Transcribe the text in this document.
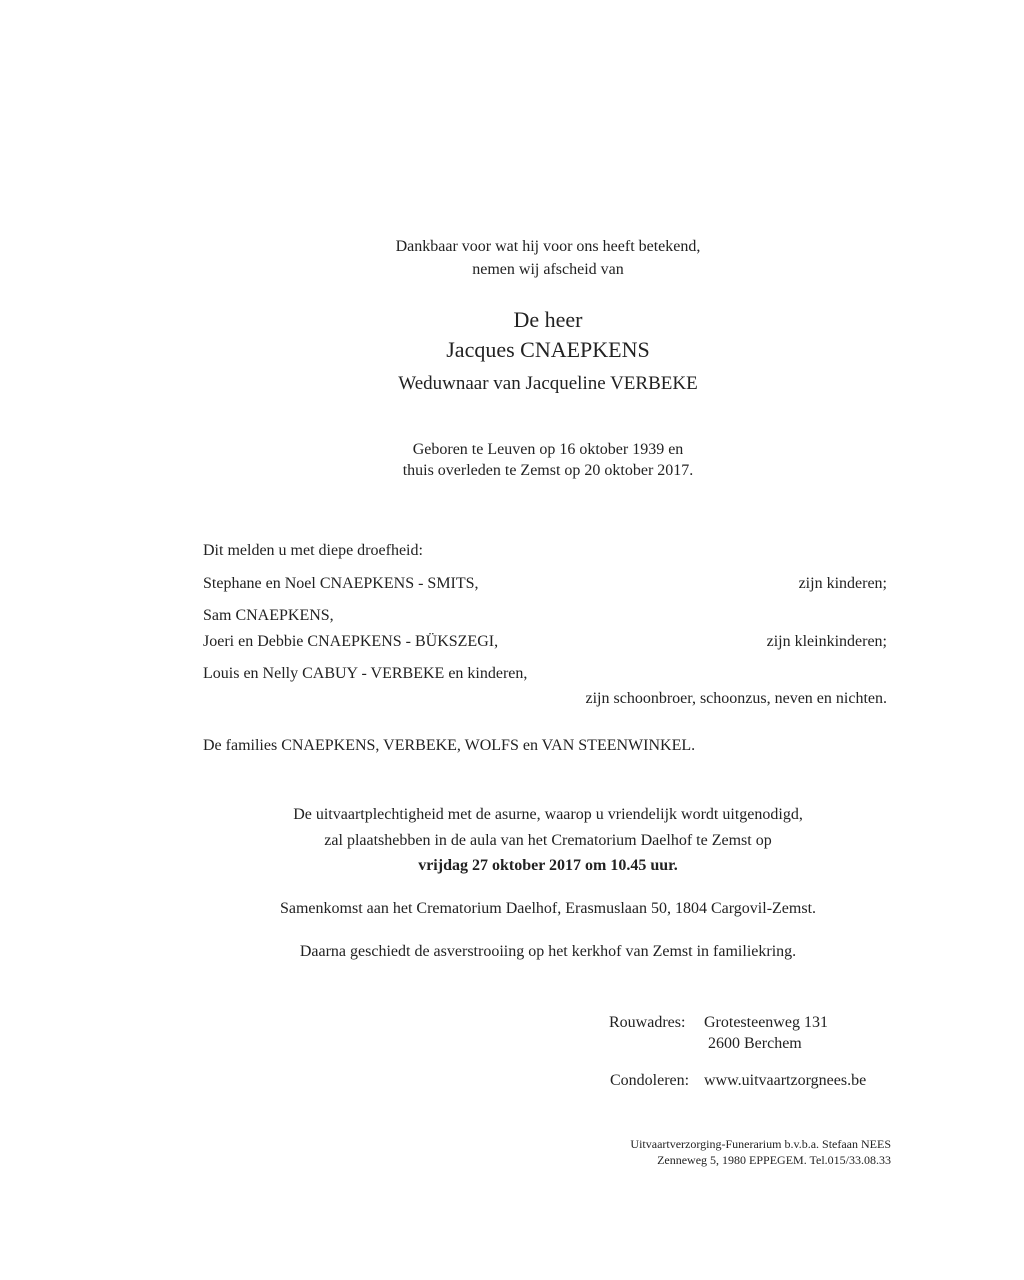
Dankbaar voor wat hij voor ons heeft betekend,
nemen wij afscheid van
De heer
Jacques CNAEPKENS
Weduwnaar van Jacqueline VERBEKE
Geboren te Leuven op 16 oktober 1939 en
thuis overleden te Zemst op 20 oktober 2017.
Dit melden u met diepe droefheid:
Stephane en Noel CNAEPKENS - SMITS,	zijn kinderen;
Sam CNAEPKENS,
Joeri en Debbie CNAEPKENS - BÜKSZEGI,	zijn kleinkinderen;
Louis en Nelly CABUY - VERBEKE en kinderen,
zijn schoonbroer, schoonzus, neven en nichten.
De families CNAEPKENS, VERBEKE, WOLFS en VAN STEENWINKEL.
De uitvaartplechtigheid met de asurne, waarop u vriendelijk wordt uitgenodigd,
zal plaatshebben in de aula van het Crematorium Daelhof te Zemst op
vrijdag 27 oktober 2017 om 10.45 uur.
Samenkomst aan het Crematorium Daelhof, Erasmuslaan 50, 1804 Cargovil-Zemst.
Daarna geschiedt de asverstrooiing op het kerkhof van Zemst in familiekring.
Rouwadres: Grotesteenweg 131
2600 Berchem
Condoleren: www.uitvaartzorgnees.be
Uitvaartverzorging-Funerarium b.v.b.a. Stefaan NEES
Zenneweg 5, 1980 EPPEGEM. Tel.015/33.08.33
